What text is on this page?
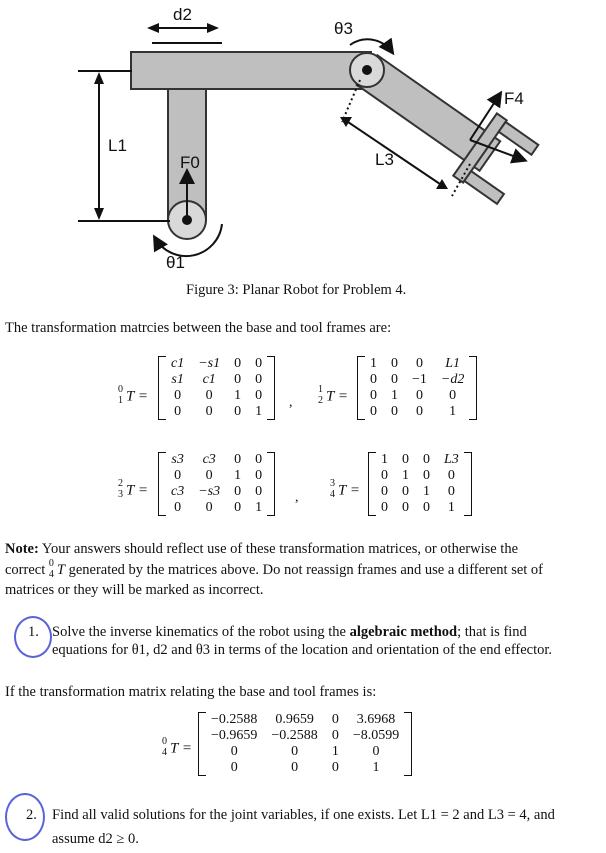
d2
θ3
F4
L1
F0	L3
θ1
Figure 3: Planar Robot for Problem 4.
The transformation matrcies between the base and tool frames are:
0
1 T =
c1	−s1	0	0
s1	c1	0	0
0	0	1	0
0	0	0	1
,
1
2 T =
1	0	0	L1
0	0	−1	−d2
0	1	0	0
0	0	0	1
2
3 T =
s3	c3	0	0
0	0	1	0
c3	−s3	0	0
0	0	0	1
,
3
4 T =
1	0	0	L3
0	1	0	0
0	0	1	0
0	0	0	1
Note: Your answers should reflect use of these transformation matrices, or otherwise the
correct 0
4 T generated by the matrices above. Do not reassign frames and use a different set of
matrices or they will be marked as incorrect.
1. Solve the inverse kinematics of the robot using the algebraic method; that is find
equations for θ1, d2 and θ3 in terms of the location and orientation of the end effector.
If the transformation matrix relating the base and tool frames is:
0
4 T =
−0.2588	0.9659	0	3.6968
−0.9659	−0.2588	0	−8.0599
0	0	1	0
0	0	0	1
2. Find all valid solutions for the joint variables, if one exists. Let L1 = 2 and L3 = 4, and
assume d2 ≥ 0.
